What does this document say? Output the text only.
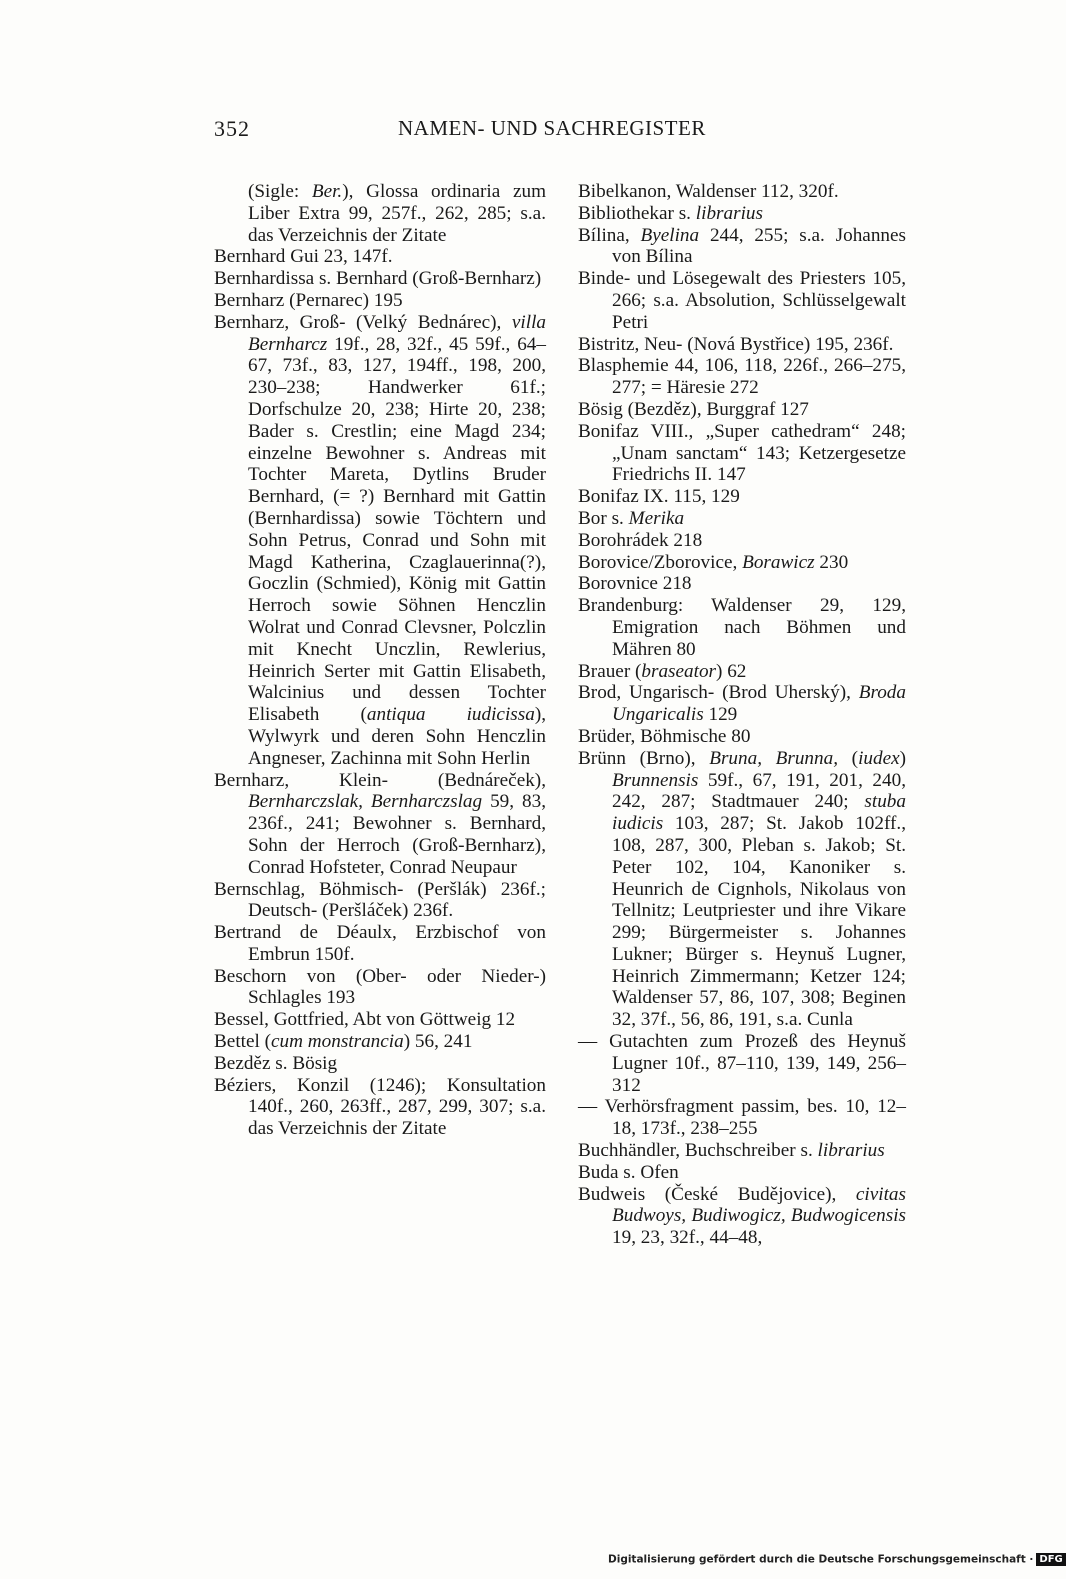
352	NAMEN- UND SACHREGISTER

(Sigle: Ber.), Glossa ordinaria zum Liber Extra 99, 257f., 262, 285; s.a. das Verzeichnis der Zitate

Bernhard Gui 23, 147f.

Bernhardissa s. Bernhard (Groß-Bernharz)

Bernharz (Pernarec) 195

Bernharz, Groß- (Velký Bednárec), villa Bernharcz 19f., 28, 32f., 45 59f., 64–67, 73f., 83, 127, 194ff., 198, 200, 230–238; Handwerker 61f.; Dorfschulze 20, 238; Hirte 20, 238; Bader s. Crestlin; eine Magd 234; einzelne Bewohner s. Andreas mit Tochter Mareta, Dytlins Bruder Bernhard, (= ?) Bernhard mit Gattin (Bernhardissa) sowie Töchtern und Sohn Petrus, Conrad und Sohn mit Magd Katherina, Czaglauerinna(?), Goczlin (Schmied), König mit Gattin Herroch sowie Söhnen Henczlin Wolrat und Conrad Clevsner, Polczlin mit Knecht Unczlin, Rewlerius, Heinrich Serter mit Gattin Elisabeth, Walcinius und dessen Tochter Elisabeth (antiqua iudicissa), Wylwyrk und deren Sohn Henczlin Angneser, Zachinna mit Sohn Herlin

Bernharz, Klein- (Bednáreček), Bernharczslak, Bernharczslag 59, 83, 236f., 241; Bewohner s. Bernhard, Sohn der Herroch (Groß-Bernharz), Conrad Hofsteter, Conrad Neupaur

Bernschlag, Böhmisch- (Peršlák) 236f.; Deutsch- (Peršláček) 236f.

Bertrand de Déaulx, Erzbischof von Embrun 150f.

Beschorn von (Ober- oder Nieder-) Schlagles 193

Bessel, Gottfried, Abt von Göttweig 12

Bettel (cum monstrancia) 56, 241

Bezděz s. Bösig

Béziers, Konzil (1246); Konsultation 140f., 260, 263ff., 287, 299, 307; s.a. das Verzeichnis der Zitate

Bibelkanon, Waldenser 112, 320f.

Bibliothekar s. librarius

Bílina, Byelina 244, 255; s.a. Johannes von Bílina

Binde- und Lösegewalt des Priesters 105, 266; s.a. Absolution, Schlüsselgewalt Petri

Bistritz, Neu- (Nová Bystřice) 195, 236f.

Blasphemie 44, 106, 118, 226f., 266–275, 277; = Häresie 272

Bösig (Bezděz), Burggraf 127

Bonifaz VIII., „Super cathedram“ 248; „Unam sanctam“ 143; Ketzergesetze Friedrichs II. 147

Bonifaz IX. 115, 129

Bor s. Merika

Borohrádek 218

Borovice/Zborovice, Borawicz 230

Borovnice 218

Brandenburg: Waldenser 29, 129, Emigration nach Böhmen und Mähren 80

Brauer (braseator) 62

Brod, Ungarisch- (Brod Uherský), Broda Ungaricalis 129

Brüder, Böhmische 80

Brünn (Brno), Bruna, Brunna, (iudex) Brunnensis 59f., 67, 191, 201, 240, 242, 287; Stadtmauer 240; stuba iudicis 103, 287; St. Jakob 102ff., 108, 287, 300, Pleban s. Jakob; St. Peter 102, 104, Kanoniker s. Heunrich de Cignhols, Nikolaus von Tellnitz; Leutpriester und ihre Vikare 299; Bürgermeister s. Johannes Lukner; Bürger s. Heynuš Lugner, Heinrich Zimmermann; Ketzer 124; Waldenser 57, 86, 107, 308; Beginen 32, 37f., 56, 86, 191, s.a. Cunla

— Gutachten zum Prozeß des Heynuš Lugner 10f., 87–110, 139, 149, 256–312

— Verhörsfragment passim, bes. 10, 12–18, 173f., 238–255

Buchhändler, Buchschreiber s. librarius

Buda s. Ofen

Budweis (České Budějovice), civitas Budwoys, Budiwogicz, Budwogicensis 19, 23, 32f., 44–48,

Digitalisierung gefördert durch die Deutsche Forschungsgemeinschaft · DFG
